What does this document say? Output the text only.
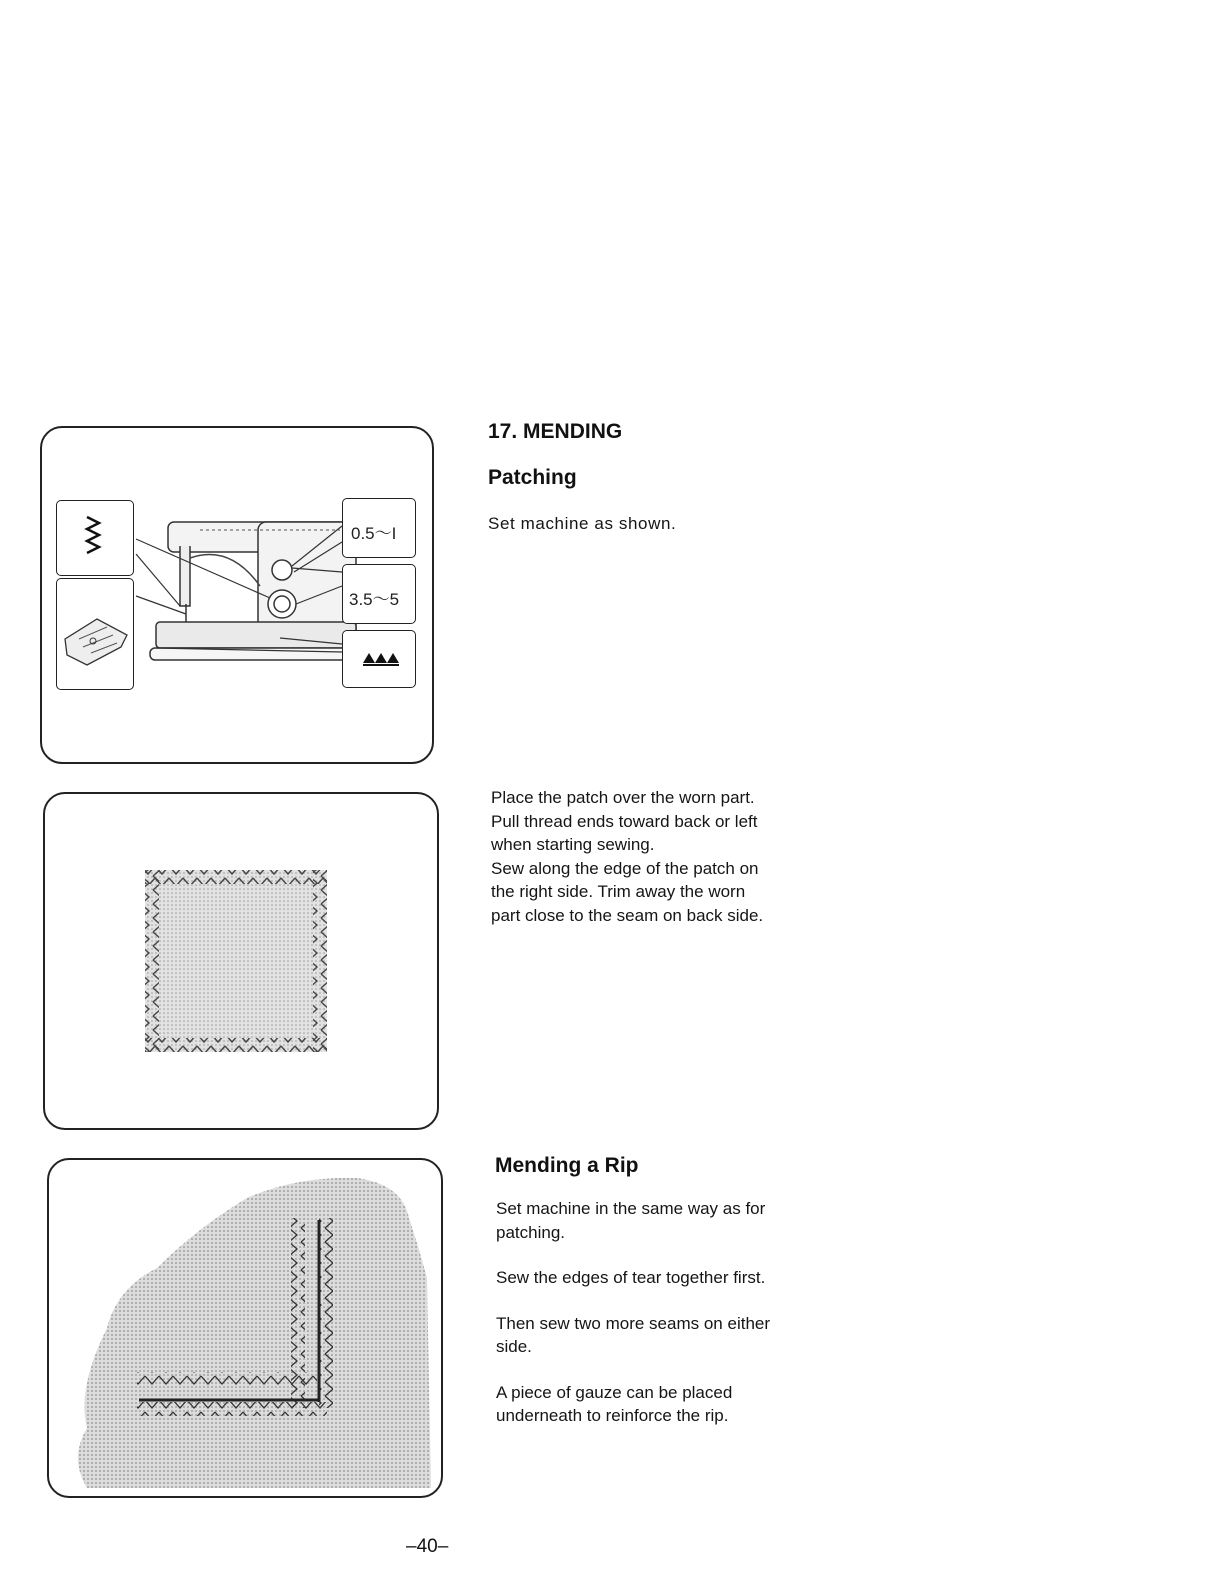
0.5～I
3.5～5
17. MENDING
Patching
Set machine as shown.
Place the patch over the worn part.
Pull thread ends toward back or left
when starting sewing.
Sew along the edge of the patch on
the right side. Trim away the worn
part close to the seam on back side.
Mending a Rip

Set machine in the same way as for
patching.

Sew the edges of tear together first.

Then sew two more seams on either
side.

A piece of gauze can be placed
underneath to reinforce the rip.

–40–
